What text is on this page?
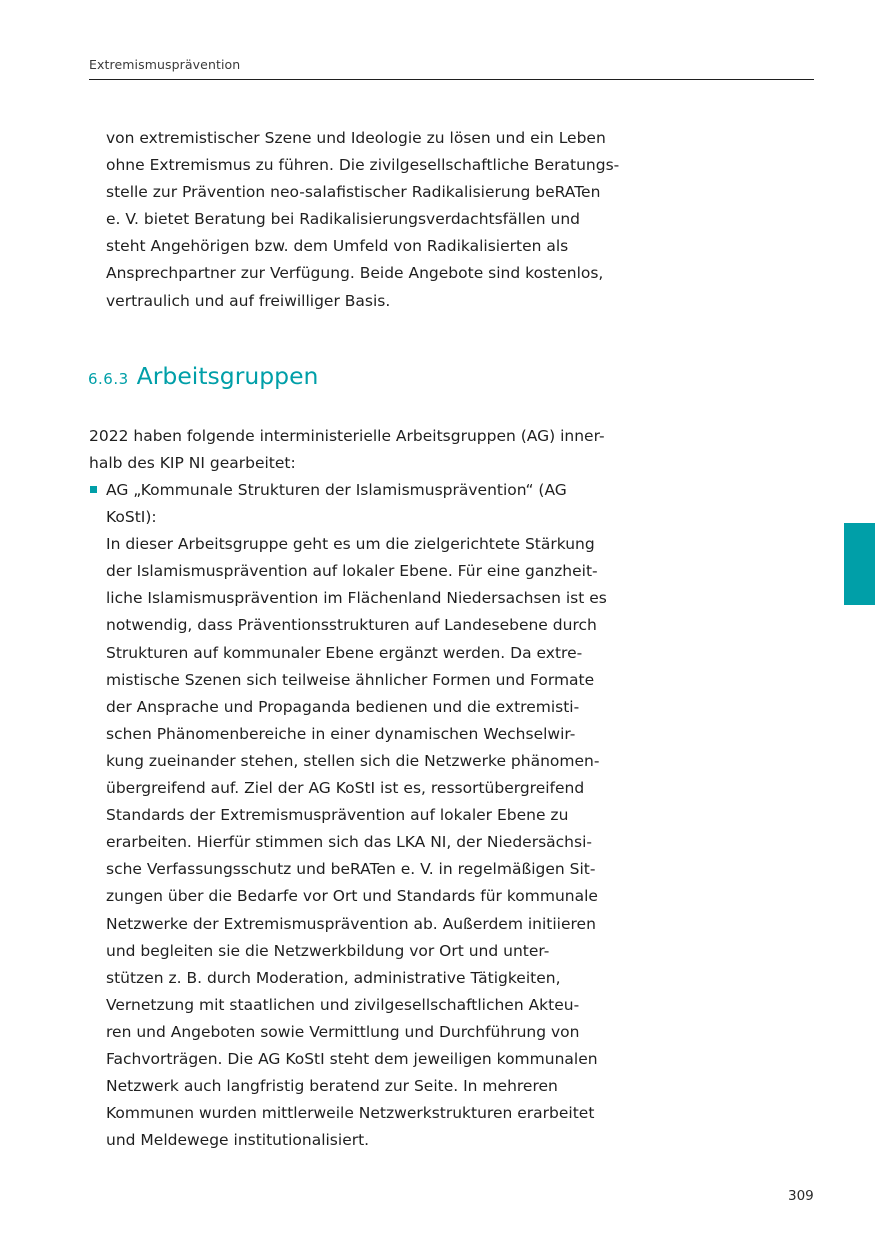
Extremismusprävention
von extremistischer Szene und Ideologie zu lösen und ein Leben
ohne Extremismus zu führen. Die zivilgesellschaftliche Beratungs-
stelle zur Prävention neo-salafistischer Radikalisierung beRATen
e. V. bietet Beratung bei Radikalisierungsverdachtsfällen und
steht Angehörigen bzw. dem Umfeld von Radikalisierten als
Ansprechpartner zur Verfügung. Beide Angebote sind kostenlos,
vertraulich und auf freiwilliger Basis.
6.6.3 Arbeitsgruppen
2022 haben folgende interministerielle Arbeitsgruppen (AG) inner-
halb des KIP NI gearbeitet:
AG „Kommunale Strukturen der Islamismusprävention“ (AG
KoStI):
In dieser Arbeitsgruppe geht es um die zielgerichtete Stärkung
der Islamismusprävention auf lokaler Ebene. Für eine ganzheit-
liche Islamismusprävention im Flächenland Niedersachsen ist es
notwendig, dass Präventionsstrukturen auf Landesebene durch
Strukturen auf kommunaler Ebene ergänzt werden. Da extre-
mistische Szenen sich teilweise ähnlicher Formen und Formate
der Ansprache und Propaganda bedienen und die extremisti-
schen Phänomenbereiche in einer dynamischen Wechselwir-
kung zueinander stehen, stellen sich die Netzwerke phänomen-
übergreifend auf. Ziel der AG KoStI ist es, ressortübergreifend
Standards der Extremismusprävention auf lokaler Ebene zu
erarbeiten. Hierfür stimmen sich das LKA NI, der Niedersächsi-
sche Verfassungsschutz und beRATen e. V. in regelmäßigen Sit-
zungen über die Bedarfe vor Ort und Standards für kommunale
Netzwerke der Extremismusprävention ab. Außerdem initiieren
und begleiten sie die Netzwerkbildung vor Ort und unter-
stützen z. B. durch Moderation, administrative Tätigkeiten,
Vernetzung mit staatlichen und zivilgesellschaftlichen Akteu-
ren und Angeboten sowie Vermittlung und Durchführung von
Fachvorträgen. Die AG KoStI steht dem jeweiligen kommunalen
Netzwerk auch langfristig beratend zur Seite. In mehreren
Kommunen wurden mittlerweile Netzwerkstrukturen erarbeitet
und Meldewege institutionalisiert.
309
